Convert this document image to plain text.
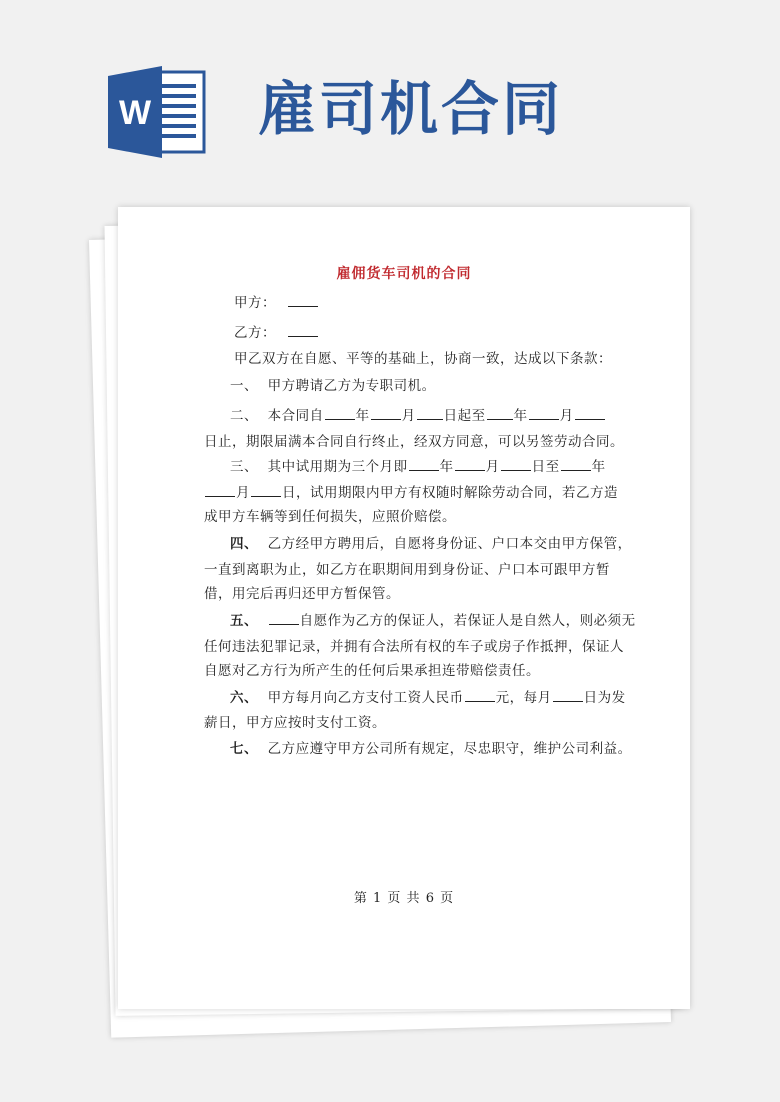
W 雇司机合同
雇佣货车司机的合同
甲方：
乙方：
甲乙双方在自愿、平等的基础上，协商一致，达成以下条款：
一、 甲方聘请乙方为专职司机。
二、 本合同自 年 月 日起至 年 月
日止，期限届满本合同自行终止，经双方同意，可以另签劳动合同。
三、 其中试用期为三个月即 年 月 日至 年
月 日，试用期限内甲方有权随时解除劳动合同，若乙方造
成甲方车辆等到任何损失，应照价赔偿。
四、 乙方经甲方聘用后，自愿将身份证、户口本交由甲方保管，
一直到离职为止，如乙方在职期间用到身份证、户口本可跟甲方暂
借，用完后再归还甲方暂保管。
五、	自愿作为乙方的保证人，若保证人是自然人，则必须无
任何违法犯罪记录，并拥有合法所有权的车子或房子作抵押，保证人
自愿对乙方行为所产生的任何后果承担连带赔偿责任。
六、 甲方每月向乙方支付工资人民币 元，每月 日为发
薪日，甲方应按时支付工资。
七、 乙方应遵守甲方公司所有规定，尽忠职守，维护公司利益。
第 1 页 共 6 页
